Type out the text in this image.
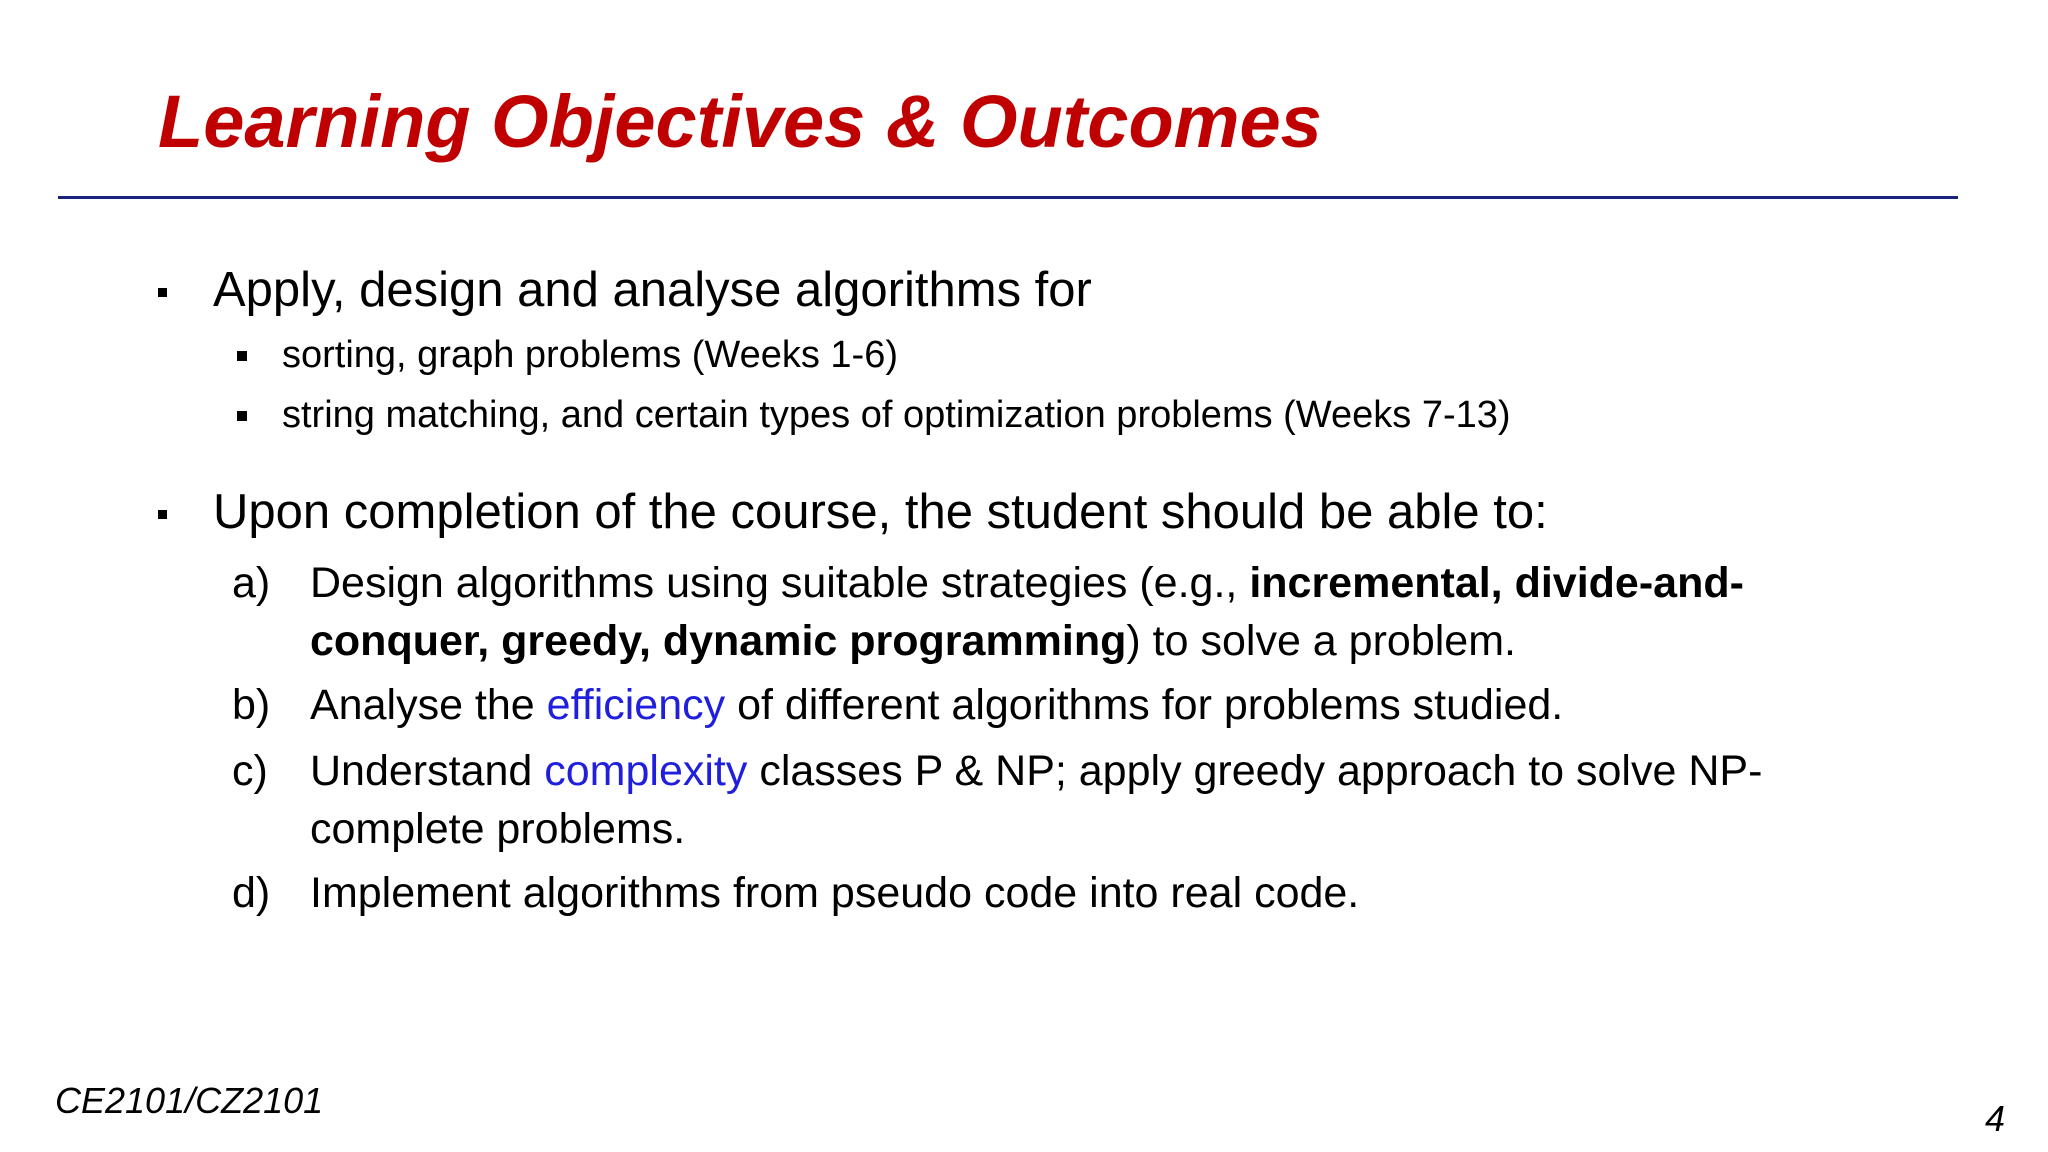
Learning Objectives & Outcomes
Apply, design and analyse algorithms for
sorting, graph problems (Weeks 1-6)
string matching, and certain types of optimization problems (Weeks 7-13)
Upon completion of the course, the student should be able to:
a) Design algorithms using suitable strategies (e.g., incremental, divide-and-
conquer, greedy, dynamic programming) to solve a problem.
b) Analyse the efficiency of different algorithms for problems studied.
c) Understand complexity classes P & NP; apply greedy approach to solve NP-
complete problems.
d) Implement algorithms from pseudo code into real code.
CE2101/CZ2101	4
